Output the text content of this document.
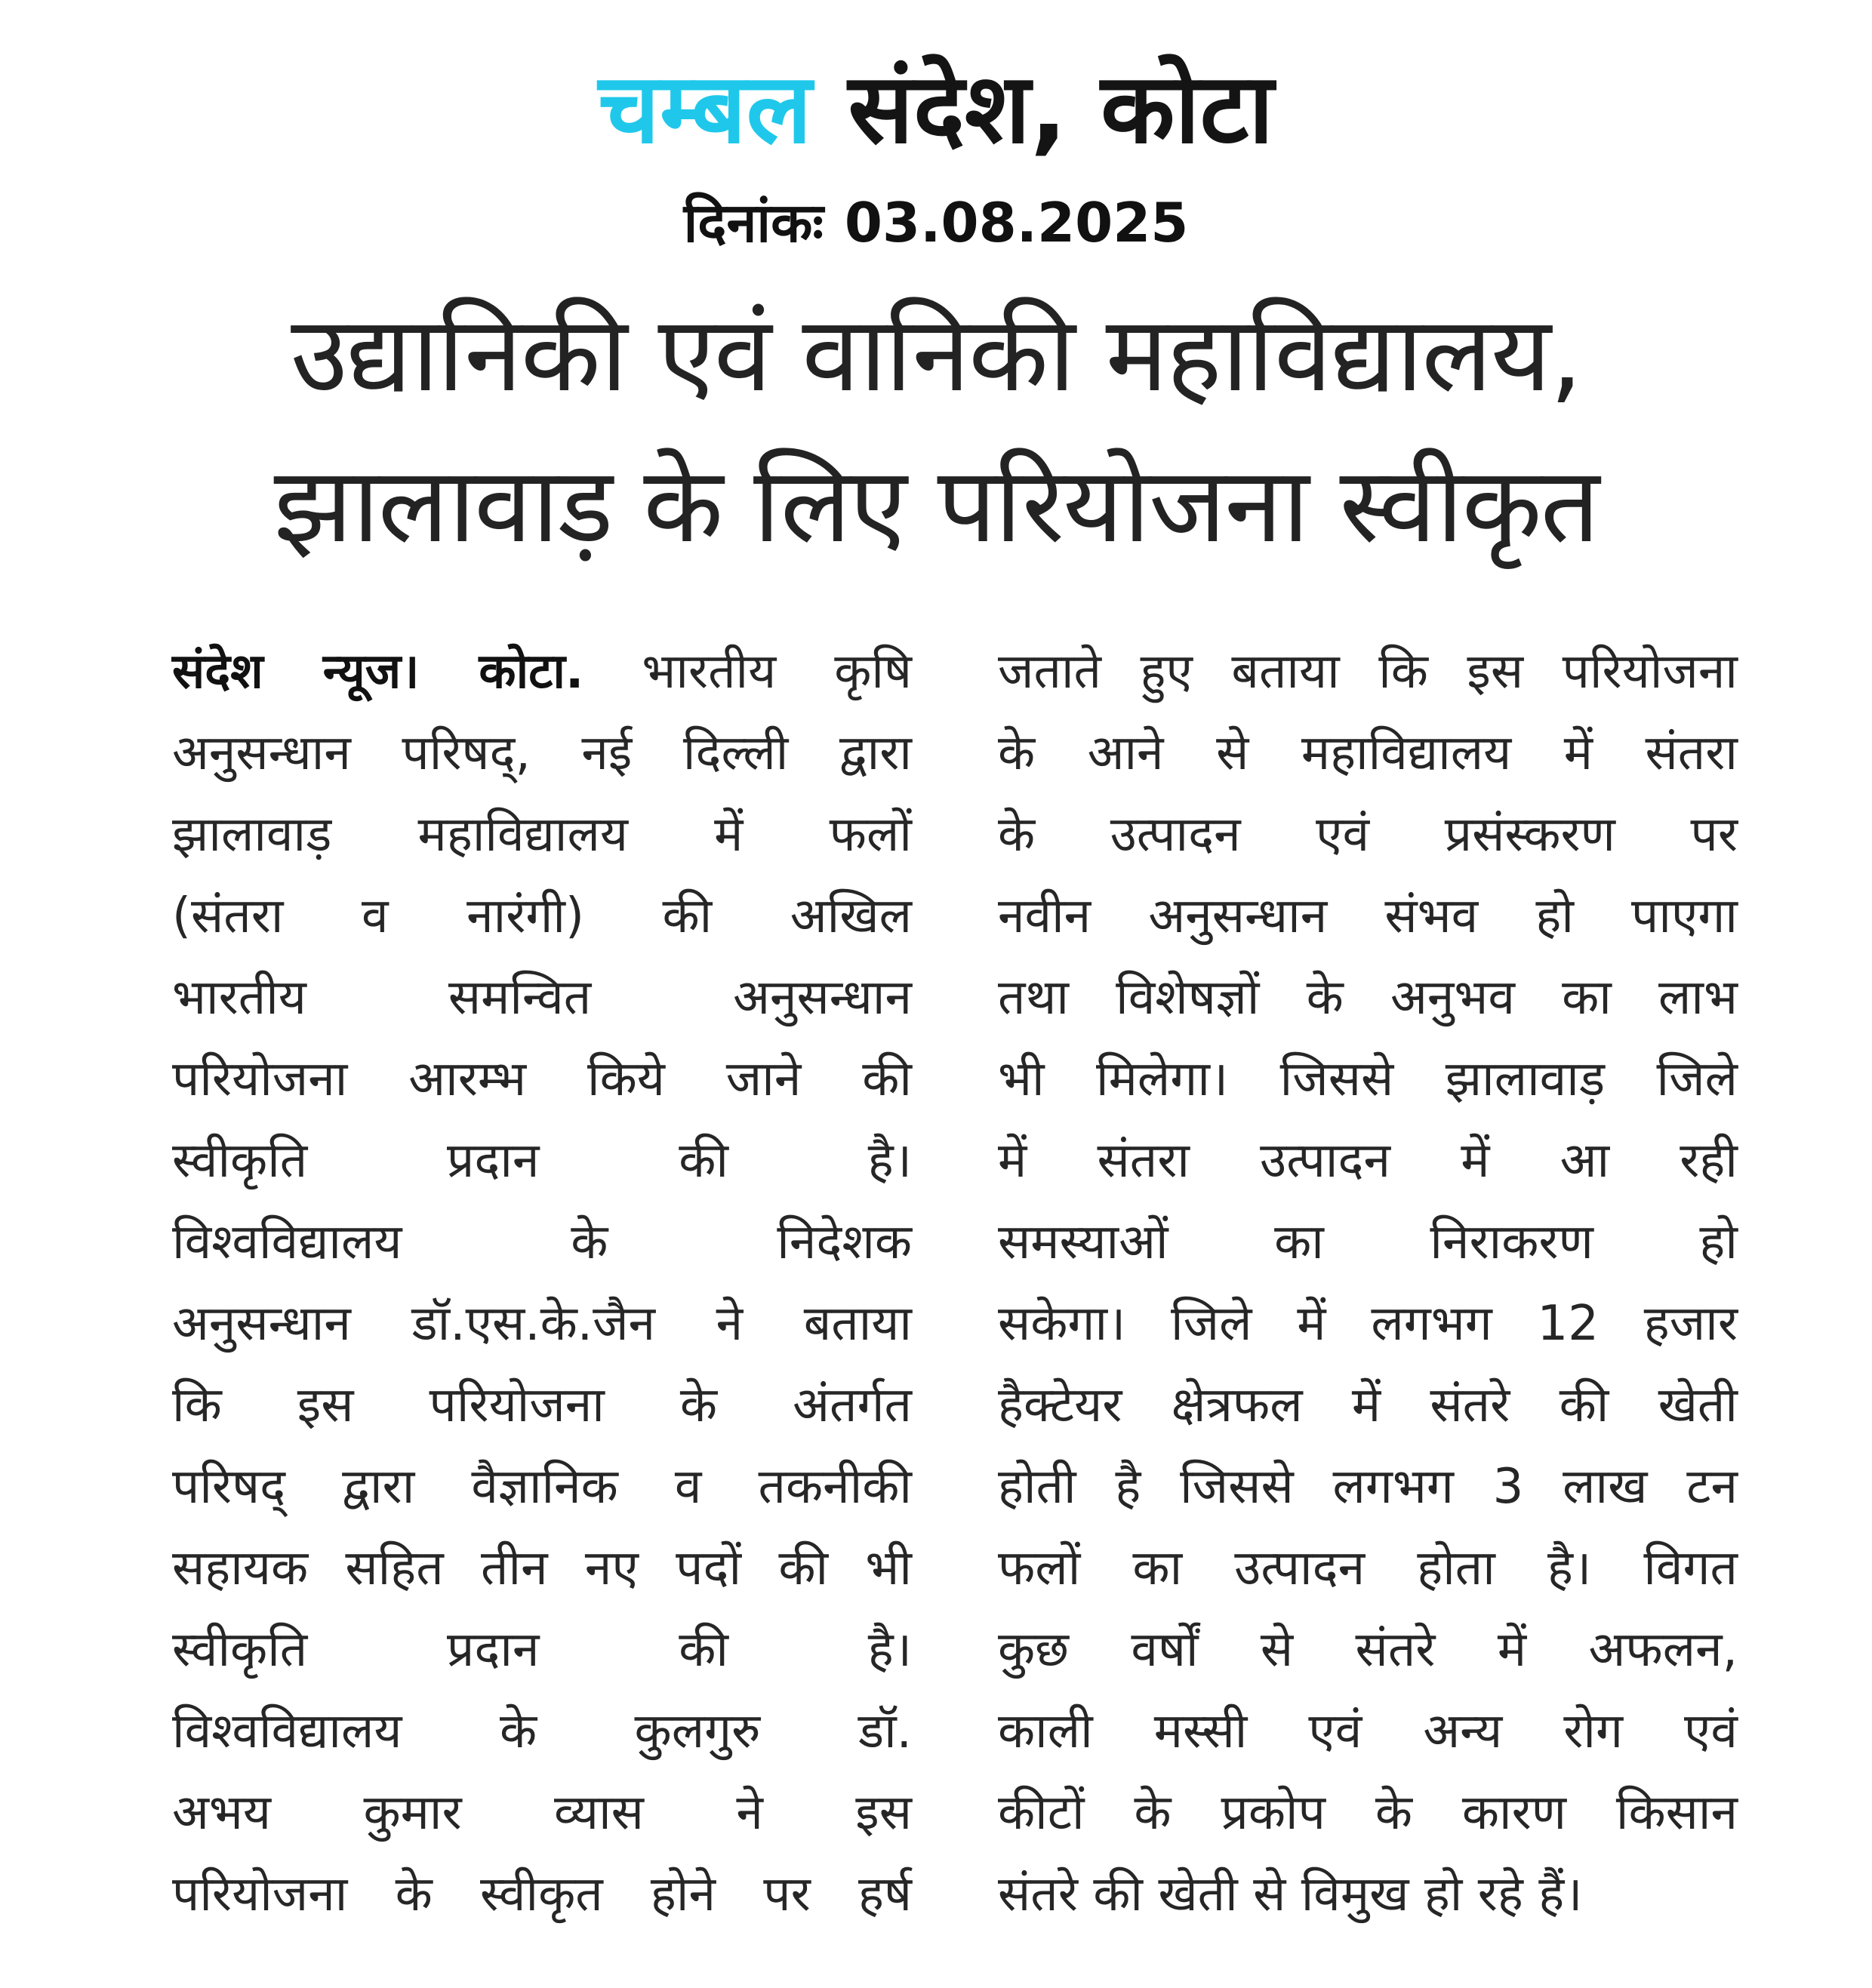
चम्बल संदेश, कोटा
दिनांकः 03.08.2025
उद्यानिकी एवं वानिकी महाविद्यालय,
झालावाड़ के लिए परियोजना स्वीकृत
संदेश न्यूज। कोटा. भारतीय कृषि
अनुसन्धान परिषद्, नई दिल्ली द्वारा
झालावाड़ महाविद्यालय में फलों
(संतरा व नारंगी) की अखिल
भारतीय समन्वित अनुसन्धान
परियोजना आरम्भ किये जाने की
स्वीकृति प्रदान की है।
विश्वविद्यालय के निदेशक
अनुसन्धान डॉ.एस.के.जैन ने बताया
कि इस परियोजना के अंतर्गत
परिषद् द्वारा वैज्ञानिक व तकनीकी
सहायक सहित तीन नए पदों की भी
स्वीकृति प्रदान की है।
विश्वविद्यालय के कुलगुरु डॉ.
अभय कुमार व्यास ने इस
परियोजना के स्वीकृत होने पर हर्ष
जताते हुए बताया कि इस परियोजना
के आने से महाविद्यालय में संतरा
के उत्पादन एवं प्रसंस्करण पर
नवीन अनुसन्धान संभव हो पाएगा
तथा विशेषज्ञों के अनुभव का लाभ
भी मिलेगा। जिससे झालावाड़ जिले
में संतरा उत्पादन में आ रही
समस्याओं का निराकरण हो
सकेगा। जिले में लगभग 12 हजार
हैक्टेयर क्षेत्रफल में संतरे की खेती
होती है जिससे लगभग 3 लाख टन
फलों का उत्पादन होता है। विगत
कुछ वर्षों से संतरे में अफलन,
काली मस्सी एवं अन्य रोग एवं
कीटों के प्रकोप के कारण किसान
संतरे की खेती से विमुख हो रहे हैं।
